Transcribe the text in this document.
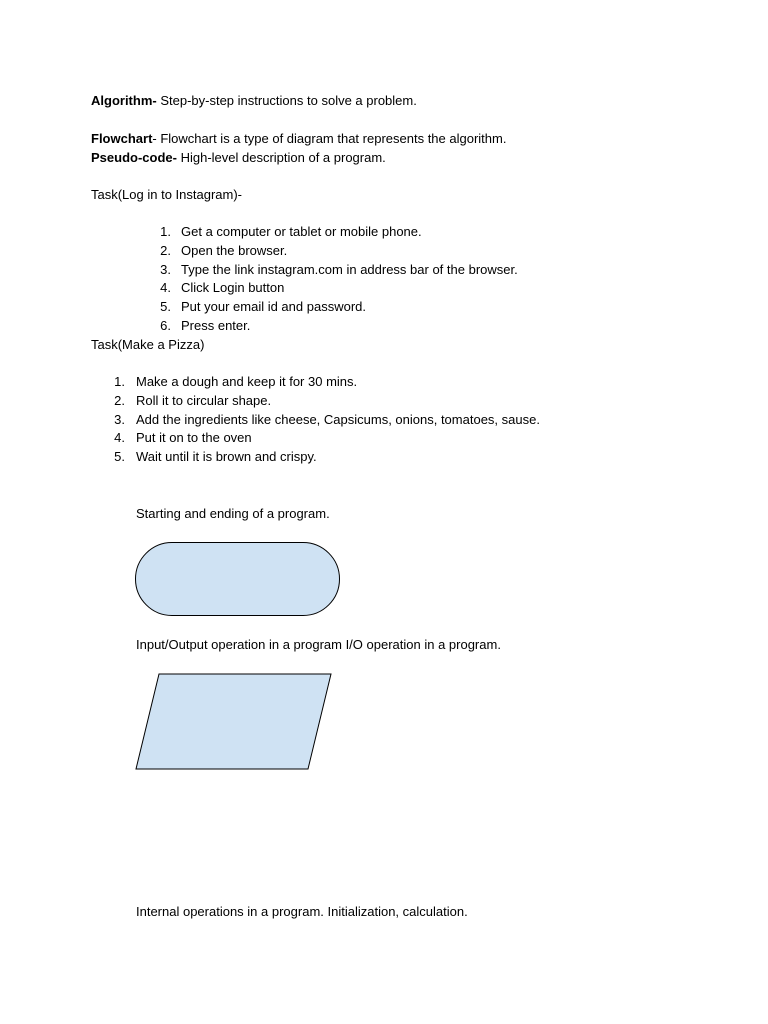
Algorithm- Step-by-step instructions to solve a problem.
Flowchart- Flowchart is a type of diagram that represents the algorithm.
Pseudo-code- High-level description of a program.
Task(Log in to Instagram)-
1. Get a computer or tablet or mobile phone.
2. Open the browser.
3. Type the link instagram.com in address bar of the browser.
4. Click Login button
5. Put your email id and password.
6. Press enter.
Task(Make a Pizza)
1. Make a dough and keep it for 30 mins.
2. Roll it to circular shape.
3. Add the ingredients like cheese, Capsicums, onions, tomatoes, sause.
4. Put it on to the oven
5. Wait until it is brown and crispy.
Starting and ending of a program.
Input/Output operation in a program I/O operation in a program.
Internal operations in a program. Initialization, calculation.
